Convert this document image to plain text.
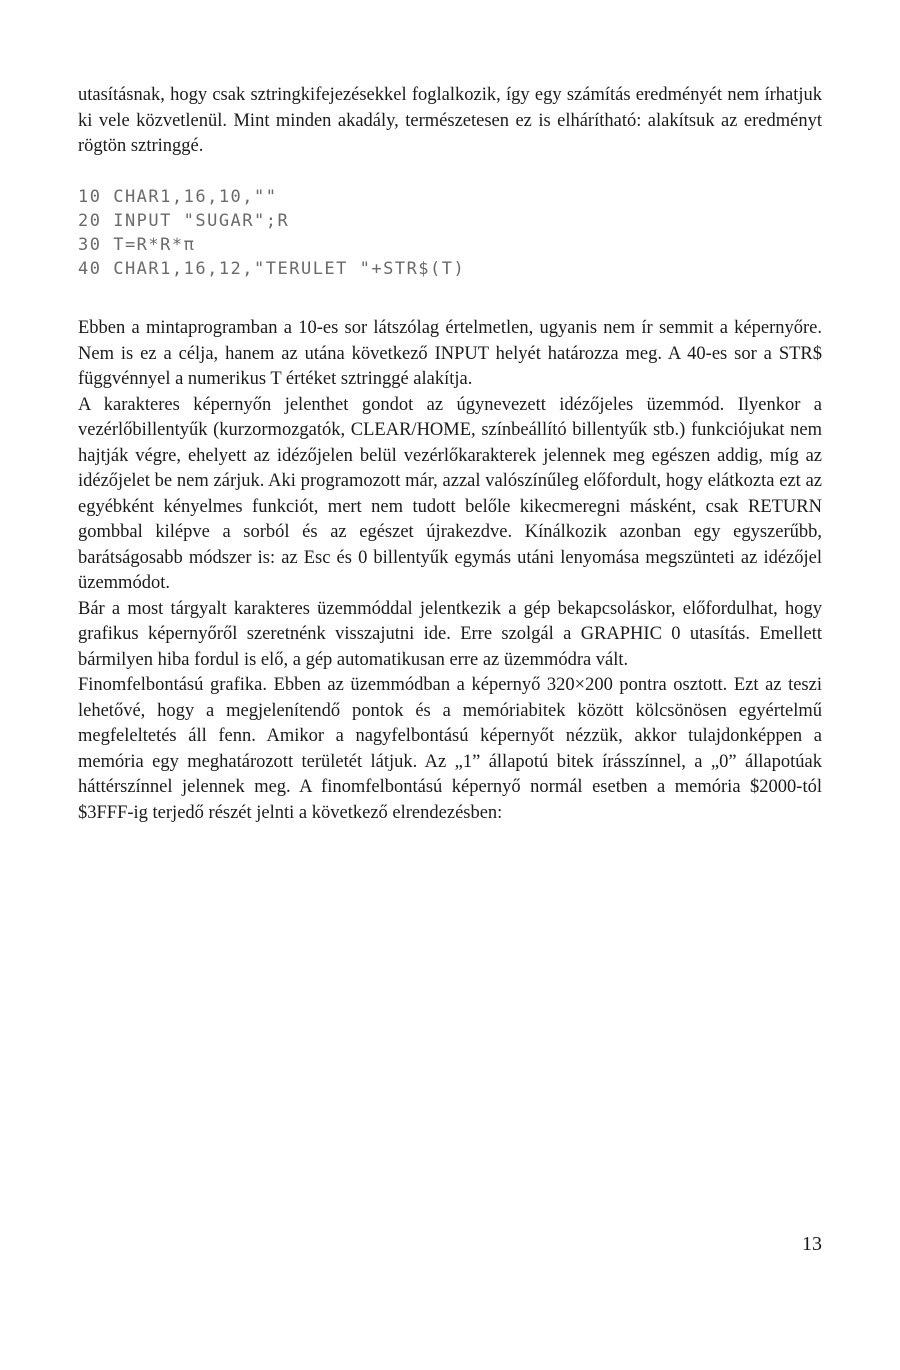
utasításnak, hogy csak sztringkifejezésekkel foglalkozik, így egy számítás eredményét nem írhatjuk ki vele közvetlenül. Mint minden akadály, természetesen ez is elhárítható: alakítsuk az eredményt rögtön sztringgé.

10 CHAR1,16,10,""
20 INPUT "SUGAR";R
30 T=R*R*π
40 CHAR1,16,12,"TERULET "+STR$(T)

Ebben a mintaprogramban a 10-es sor látszólag értelmetlen, ugyanis nem ír semmit a képernyőre. Nem is ez a célja, hanem az utána következő INPUT helyét határozza meg. A 40-es sor a STR$ függvénnyel a numerikus T értéket sztringgé alakítja.

A karakteres képernyőn jelenthet gondot az úgynevezett idézőjeles üzemmód. Ilyenkor a vezérlőbillentyűk (kurzormozgatók, CLEAR/HOME, színbeállító billentyűk stb.) funkciójukat nem hajtják végre, ehelyett az idézőjelen belül vezérlőkarakterek jelennek meg egészen addig, míg az idézőjelet be nem zárjuk. Aki programozott már, azzal valószínűleg előfordult, hogy elátkozta ezt az egyébként kényelmes funkciót, mert nem tudott belőle kikecmeregni másként, csak RETURN gombbal kilépve a sorból és az egészet újrakezdve. Kínálkozik azonban egy egyszerűbb, barátságosabb módszer is: az Esc és 0 billentyűk egymás utáni lenyomása megszünteti az idézőjel üzemmódot.

Bár a most tárgyalt karakteres üzemmóddal jelentkezik a gép bekapcsoláskor, előfordulhat, hogy grafikus képernyőről szeretnénk visszajutni ide. Erre szolgál a GRAPHIC 0 utasítás. Emellett bármilyen hiba fordul is elő, a gép automatikusan erre az üzemmódra vált.

Finomfelbontású grafika. Ebben az üzemmódban a képernyő 320×200 pontra osztott. Ezt az teszi lehetővé, hogy a megjelenítendő pontok és a memóriabitek között kölcsönösen egyértelmű megfeleltetés áll fenn. Amikor a nagyfelbontású képernyőt nézzük, akkor tulajdonképpen a memória egy meghatározott területét látjuk. Az „1” állapotú bitek írásszínnel, a „0” állapotúak háttérszínnel jelennek meg. A finomfelbontású képernyő normál esetben a memória $2000-tól $3FFF-ig terjedő részét jelnti a következő elrendezésben:

13
